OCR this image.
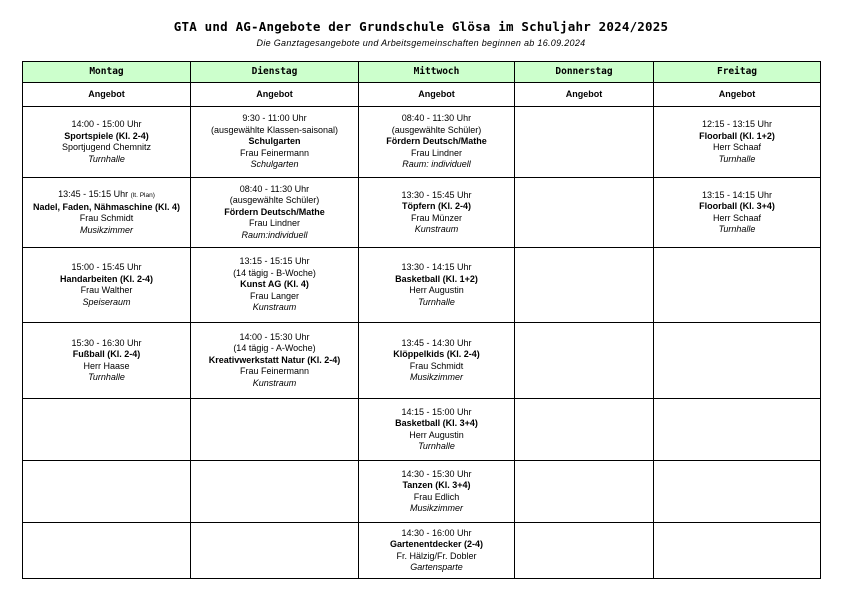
GTA und AG-Angebote der Grundschule Glösa im Schuljahr 2024/2025
Die Ganztagesangebote und Arbeitsgemeinschaften beginnen ab 16.09.2024
Montag	Dienstag	Mittwoch	Donnerstag	Freitag
Angebot	Angebot	Angebot	Angebot	Angebot

14:00 - 15:00 Uhr
Sportspiele (Kl. 2-4)
Sportjugend Chemnitz
Turnhalle	9:30 - 11:00 Uhr
(ausgewählte Klassen-saisonal)
Schulgarten
Frau Feinermann
Schulgarten	08:40 - 11:30 Uhr
(ausgewählte Schüler)
Fördern Deutsch/Mathe
Frau Lindner
Raum: individuell		12:15 - 13:15 Uhr
Floorball (Kl. 1+2)
Herr Schaaf
Turnhalle

13:45 - 15:15 Uhr (lt. Plan)
Nadel, Faden, Nähmaschine (Kl. 4)
Frau Schmidt
Musikzimmer	08:40 - 11:30 Uhr
(ausgewählte Schüler)
Fördern Deutsch/Mathe
Frau Lindner
Raum:individuell	13:30 - 15:45 Uhr
Töpfern (Kl. 2-4)
Frau Münzer
Kunstraum		13:15 - 14:15 Uhr
Floorball (Kl. 3+4)
Herr Schaaf
Turnhalle

15:00 - 15:45 Uhr
Handarbeiten (Kl. 2-4)
Frau Walther
Speiseraum	13:15 - 15:15 Uhr
(14 tägig - B-Woche)
Kunst AG (Kl. 4)
Frau Langer
Kunstraum	13:30 - 14:15 Uhr
Basketball (Kl. 1+2)
Herr Augustin
Turnhalle		

15:30 - 16:30 Uhr
Fußball (Kl. 2-4)
Herr Haase
Turnhalle	14:00 - 15:30 Uhr
(14 tägig - A-Woche)
Kreativwerkstatt Natur (Kl. 2-4)
Frau Feinermann
Kunstraum	13:45 - 14:30 Uhr
Klöppelkids (Kl. 2-4)
Frau Schmidt
Musikzimmer		

		14:15 - 15:00 Uhr
Basketball (Kl. 3+4)
Herr Augustin
Turnhalle		

		14:30 - 15:30 Uhr
Tanzen (Kl. 3+4)
Frau Edlich
Musikzimmer		

		14:30 - 16:00 Uhr
Gartenentdecker (2-4)
Fr. Hälzig/Fr. Dobler
Gartensparte		
